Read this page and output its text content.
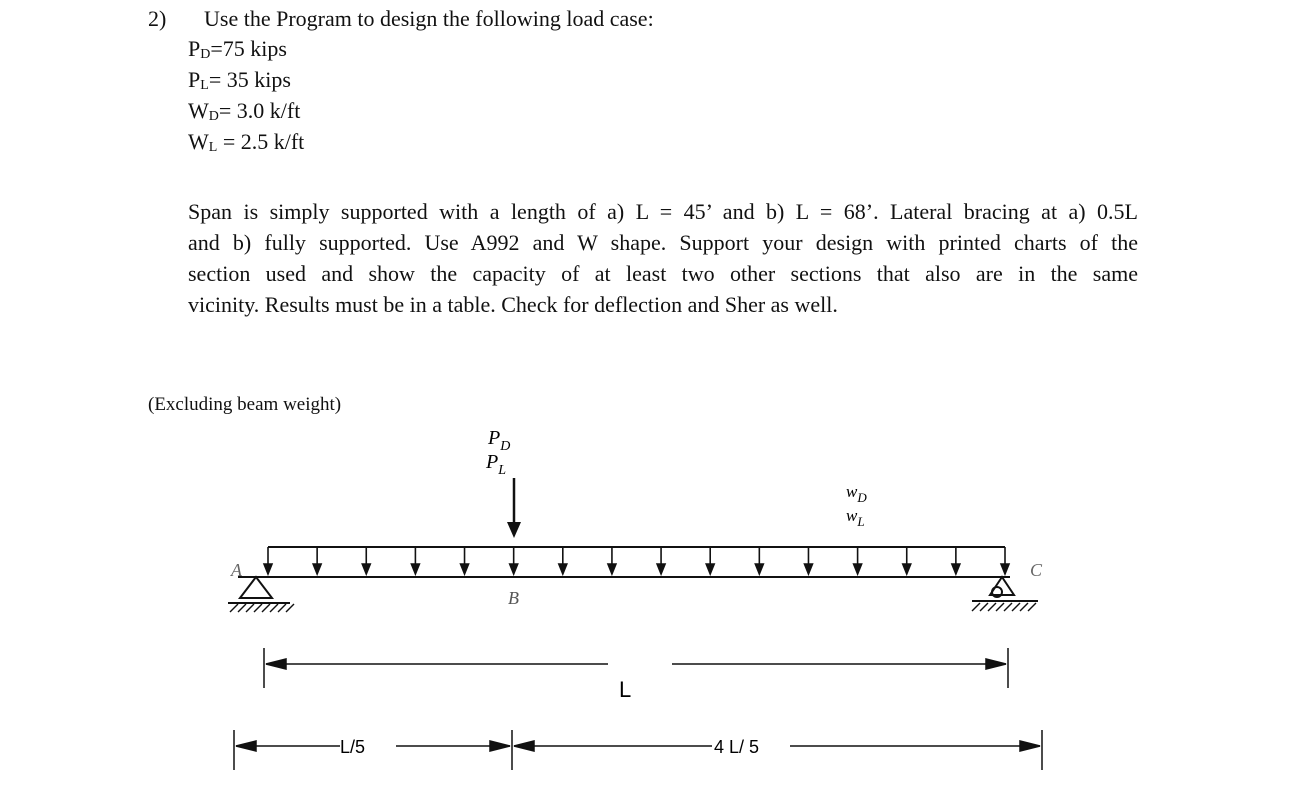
2) Use the Program to design the following load case:
$P_D=75$ kips
$P_L= 35$ kips
$W_D= 3.0$ k/ft
$W_L = 2.5$ k/ft
Span is simply supported with a length of a) L = 45’ and b) L = 68’. Lateral bracing at a) 0.5L
and b) fully supported. Use A992 and W shape. Support your design with printed charts of the
section used and show the capacity of at least two other sections that also are in the same
vicinity. Results must be in a table. Check for deflection and Sher as well.
(Excluding beam weight)
$P_D$
$P_L$
$w_D$
$w_L$
A
B
C
L
L/5	4 L/ 5
